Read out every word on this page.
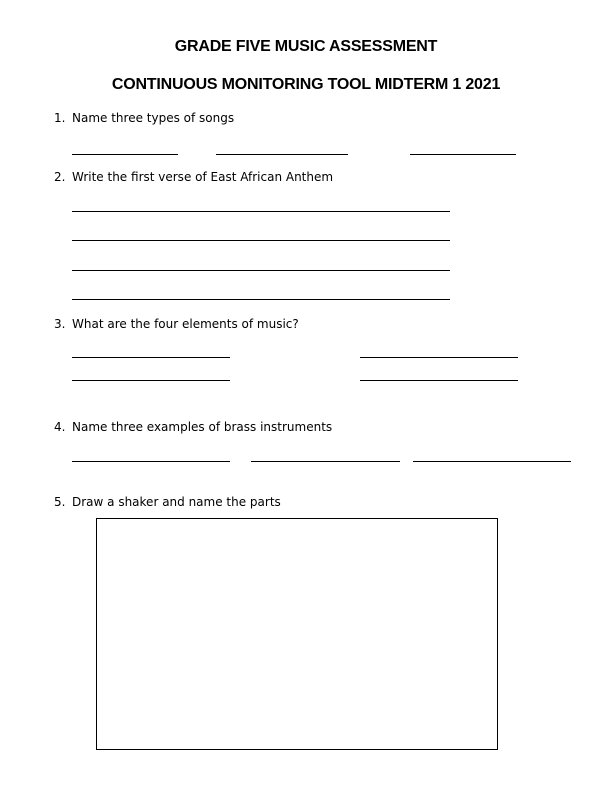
GRADE FIVE MUSIC ASSESSMENT
CONTINUOUS MONITORING TOOL MIDTERM 1 2021
1. Name three types of songs
2. Write the first verse of East African Anthem
3. What are the four elements of music?
4. Name three examples of brass instruments
5. Draw a shaker and name the parts
